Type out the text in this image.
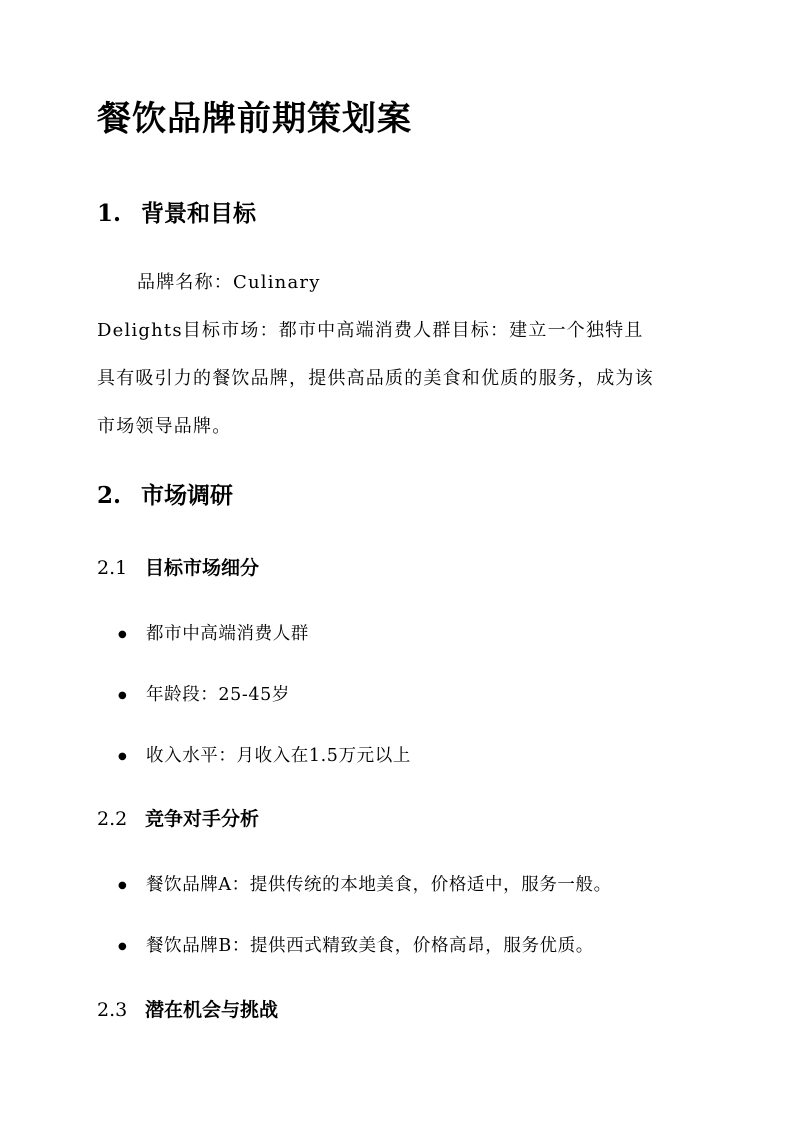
餐饮品牌前期策划案
1. 背景和目标
品牌名称：Culinary
Delights目标市场：都市中高端消费人群目标：建立一个独特且
具有吸引力的餐饮品牌，提供高品质的美食和优质的服务，成为该
市场领导品牌。
2. 市场调研
2.1 目标市场细分
● 都市中高端消费人群
● 年龄段：25-45岁
● 收入水平：月收入在1.5万元以上
2.2 竞争对手分析
● 餐饮品牌A：提供传统的本地美食，价格适中，服务一般。
● 餐饮品牌B：提供西式精致美食，价格高昂，服务优质。
2.3 潜在机会与挑战
